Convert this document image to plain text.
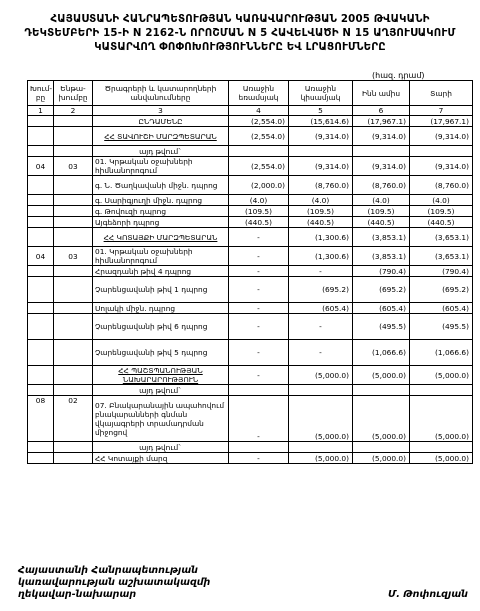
ՀԱՅԱՍՏԱՆԻ ՀԱՆՐԱՊԵՏՈՒԹՅԱՆ ԿԱՌԱՎԱՐՈՒԹՅԱՆ 2005 ԹՎԱԿԱՆԻ
ԴԵԿՏԵՄԲԵՐԻ 15-Ի N 2162-Ն ՈՐՈՇՄԱՆ N 5 ՀԱՎԵԼՎԱԾԻ N 15 ԱՂՅՈՒՍԱԿՈՒՄ
ԿԱՏԱՐՎՈՂ ՓՈՓՈԽՈՒԹՅՈՒՆՆԵՐԸ ԵՎ ԼՐԱՑՈՒՄՆԵՐԸ
(հազ. դրամ)
Խում-բը	Ենթա-խումբը	Ծրագրերի և կատարողների անվանումները	Առաջին եռամսյակ	Առաջին կիսամյակ	Ինն ամիս	Տարի
1	2	3	4	5	6	7
		ԸՆԴԱՄԵՆԸ	(2,554.0)	(15,614.6)	(17,967.1)	(17,967.1)
		ՀՀ ՏԱՎՈՒՇԻ ՄԱՐԶՊԵՏԱՐԱՆ	(2,554.0)	(9,314.0)	(9,314.0)	(9,314.0)
		այդ թվում`				
04	03	01. Կրթական օջախների հիմնանորոգում	(2,554.0)	(9,314.0)	(9,314.0)	(9,314.0)
		գ. Ն. Ծաղկավանի միջն. դպրոց	(2,000.0)	(8,760.0)	(8,760.0)	(8,760.0)
		գ. Սարիգյուղի միջն. դպրոց	(4.0)	(4.0)	(4.0)	(4.0)
		գ. Թովուզի դպրոց	(109.5)	(109.5)	(109.5)	(109.5)
		Այգեձորի դպրոց	(440.5)	(440.5)	(440.5)	(440.5)
		ՀՀ ԿՈՏԱՅՔԻ ՄԱՐԶՊԵՏԱՐԱՆ	-	(1,300.6)	(3,853.1)	(3,653.1)
04	03	01. Կրթական օջախների հիմնանորոգում	-	(1,300.6)	(3,853.1)	(3,653.1)
		Հրազդանի թիվ 4 դպրոց	-	-	(790.4)	(790.4)
		Չարենցավանի թիվ 1 դպրոց	-	(695.2)	(695.2)	(695.2)
		Սոլակի միջն. դպրոց	-	(605.4)	(605.4)	(605.4)
		Չարենցավանի թիվ 6 դպրոց	-	-	(495.5)	(495.5)
		Չարենցավանի թիվ 5 դպրոց	-	-	(1,066.6)	(1,066.6)
		ՀՀ ՊԱՇՏՊԱՆՈՒԹՅԱՆ ՆԱԽԱՐԱՐՈՒԹՅՈՒՆ	-	(5,000.0)	(5,000.0)	(5,000.0)
		այդ թվում`				
08	02	07. Բնակարանային ապահովում բնակարանների գնման վկայագրերի տրամադրման միջոցով	-	(5,000.0)	(5,000.0)	(5,000.0)
		այդ թվում`				
		ՀՀ Կոտայքի մարզ	-	(5,000.0)	(5,000.0)	(5,000.0)
Հայաստանի Հանրապետության
կառավարության աշխատակազմի
ղեկավար-նախարար	Մ. Թոփուզյան
